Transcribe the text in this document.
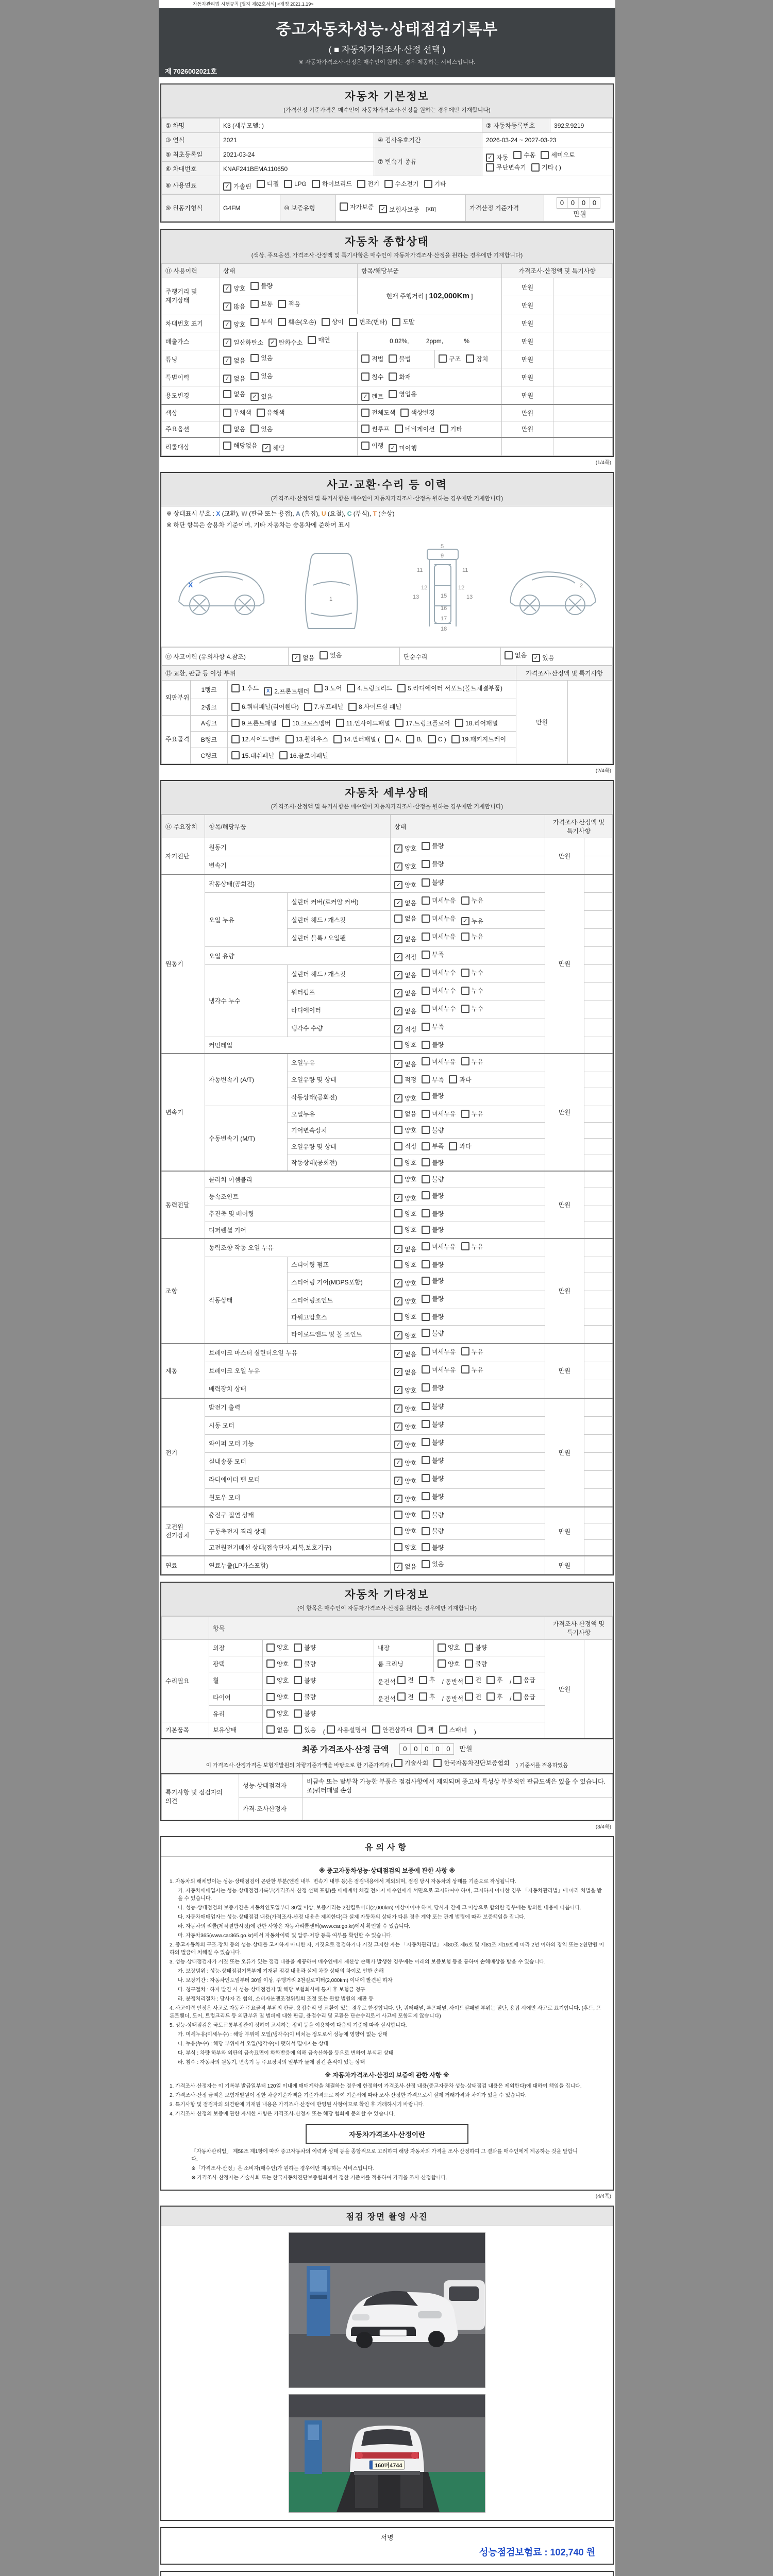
자동차관리법 시행규칙 [별지 제82호서식] <개정 2021.1.19>
중고자동차성능·상태점검기록부
( ■ 자동차가격조사·산정 선택 )
※ 자동차가격조사·산정은 매수인이 원하는 경우 제공하는 서비스입니다.
제 7026002021호
자동차 기본정보
(가격산정 기준가격은 매수인이 자동차가격조사·산정을 원하는 경우에만 기재합니다)
① 차명	K3 (세부모델: )		② 자동차등록번호	392오9219
③ 연식	2021	④ 검사유효기간	2026-03-24 ~ 2027-03-23	
⑤ 최초등록일	2021-03-24	⑦ 변속기 종류	
✓ 자동	수동	세미오토
무단변속기	기타 ( )

⑥ 차대번호	KNAF241BEMA110650			
⑧ 사용연료	✓ 가솔린	디젤	LPG	하이브리드	전기	수소전기	기타
⑨ 원동기형식	G4FM	⑩ 보증유형	자가보증	✓ 보험사보증 [KB]	가격산정 기준가격	
0	0	0	0
만원
자동차 종합상태
(색상, 주요옵션, 가격조사·산정액 및 특기사항은 매수인이 자동차가격조사·산정을 원하는 경우에만 기재합니다)
⑪ 사용이력	상태	항목/해당부품		가격조사·산정액 및 특기사항	
주행거리 및 계기상태	✓ 양호 불량	현재 주행거리 [ 102,000Km ]		만원	

	✓ 많음 보통 적음			만원	
차대번호 표기	✓ 양호	부식	훼손(오손)	상이	변조(변타)	도말	만원	
배출가스	✓ 일산화탄소 ✓ 탄화수소 매연	0.02%,          2ppm,            %		만원	
튜닝	✓ 없음 있음	적법 불법	구조 장치	만원	
특별이력	✓ 없음 있음	침수 화재		만원	
용도변경	없음 ✓ 있음	✓ 렌트 영업용		만원	
색상	무채색 유채색	전체도색 색상변경		만원	
주요옵션	없음 있음	썬루프 네비게이션 기타		만원	
리콜대상	해당없음 ✓ 해당	이행 ✓ 미이행			

(1/4쪽)
사고·교환·수리 등 이력
(가격조사·산정액 및 특기사항은 매수인이 자동차가격조사·산정을 원하는 경우에만 기재합니다)
※ 상태표시 부호 : X (교환), W (판금 또는 용접), A (흠집), U (요철), C (부식), T (손상)
※ 하단 항목은 승용차 기준이며, 기타 자동차는 승용차에 준하여 표시
X
1
5
9
11	11
12	12
13	13
15
16
17
18
2
⑫ 사고이력 (유의사항 4.참조)	✓ 없음	있음	단순수리	없음	✓ 있음
⑬ 교환, 판금 등 이상 부위			가격조사·산정액 및 특기사항	
외판부위	1랭크	1.후드	X 2.프론트휀더	3.도어	4.트렁크리드	5.라디에이터 서포트(볼트체결부품)
	만원	
	2랭크	6.쿼터패널(리어휀다) 7.루프패널 8.사이드실 패널		

주요골격	A랭크	9.프론트패널 10.크로스멤버 11.인사이드패널 17.트렁크플로어 18.리어패널		

B랭크	12.사이드멤버	13.휠하우스	14.필러패널 (	A,	B,	C )	19.패키지트레이

	C랭크	15.대쉬패널 16.플로어패널		
(2/4쪽)
자동차 세부상태
(가격조사·산정액 및 특기사항은 매수인이 자동차가격조사·산정을 원하는 경우에만 기재합니다)
⑭ 주요장치	항목/해당부품		상태	가격조사·산정액 및 특기사항	
자기진단	원동기		✓ 양호 불량	만원	
	변속기		✓ 양호 불량		

원동기	작동상태(공회전)		✓ 양호 불량	만원	
	오일 누유	실린더 커버(로커암 커버)	✓ 없음 미세누유 누유		

		실린더 헤드 / 개스킷	없음 미세누유 ✓ 누유		

		실린더 블록 / 오일팬	✓ 없음 미세누유 누유		

	오일 유량		✓ 적정 부족		

	냉각수 누수	실린더 헤드 / 개스킷	✓ 없음 미세누수 누수		

		워터펌프	✓ 없음 미세누수 누수		

		라디에이터	✓ 없음 미세누수 누수		

		냉각수 수량	✓ 적정 부족		

	커먼레일		양호 불량		

변속기	자동변속기 (A/T)	오일누유	✓ 없음 미세누유 누유	만원	
		오일유량 및 상태	적정 부족 과다		

		작동상태(공회전)	✓ 양호 불량		

	수동변속기 (M/T)	오일누유	없음 미세누유 누유		

		기어변속장치	양호 불량		

		오일유량 및 상태	적정 부족 과다		

		작동상태(공회전)	양호 불량		

동력전달	클러치 어셈블리		양호 불량	만원	
	등속조인트		✓ 양호 불량		

	추진축 및 베어링		양호 불량		

	디퍼렌셜 기어		양호 불량		

조향	동력조향 작동 오일 누유		✓ 없음 미세누유 누유	만원	
	작동상태	스티어링 펌프	양호 불량		

		스티어링 기어(MDPS포함)	✓ 양호 불량		

		스티어링조인트	✓ 양호 불량		

		파워고압호스	양호 불량		

		타이로드엔드 및 볼 조인트	✓ 양호 불량		

제동	브레이크 마스터 실린더오일 누유		✓ 없음 미세누유 누유	만원	
	브레이크 오일 누유		✓ 없음 미세누유 누유		

	배력장치 상태		✓ 양호 불량		

전기	발전기 출력		✓ 양호 불량	만원	
	시동 모터		✓ 양호 불량		

	와이퍼 모터 기능		✓ 양호 불량		

	실내송풍 모터		✓ 양호 불량		

	라디에이터 팬 모터		✓ 양호 불량		

	윈도우 모터		✓ 양호 불량		

고전원 전기장치	충전구 절연 상태		양호 불량	만원	
	구동축전지 격리 상태		양호 불량		

	고전원전기배선 상태(접속단자,피복,보호기구)		양호 불량		

연료	연료누출(LP가스포함)		✓ 없음 있음	만원	
자동차 기타정보
(이 항목은 매수인이 자동차가격조사·산정을 원하는 경우에만 기재합니다)
	항목				가격조사·산정액 및 특기사항	
수리필요	외장	양호 불량	내장	양호 불량	만원	
	광택	양호 불량	룸 크리닝	양호 불량		

휠	양호	불량	운전석 전	후 / 동반석 전	후 / 응급

타이어	양호	불량	운전석 전	후 / 동반석 전	후 / 응급

	유리	양호 불량				

기본품목	보유상태	없음	있음 ( 사용설명서	안전삼각대	잭	스패너 )
최종 가격조사·산정 금액	0	0	0	0	0	만원
이 가격조사·산정가격은 보험개발원의 차량기준가액을 바탕으로 한 기준가격과 ( 기술사회	한국자동차진단보증협회 ) 기준서를 적용하였음
특기사항 및 점검자의 의견	성능·상태점검자	비금속 또는 탈부착 가능한 부품은 점검사항에서 제외되며 중고차 특성상 부분적인 판금도색은 있을 수 있습니다. 조)쿼터패널 손상
	가격·조사산정자	
(3/4쪽)
유의사항
※ 중고자동차성능·상태점검의 보증에 관한 사항 ※
1. 자동차의 해체없이는 성능·상태점검이 곤란한 부분(엔진 내부, 변속기 내부 등)은 점검내용에서 제외되며, 점검 당시 자동차의 상태를 기준으로 작성됩니다.
가. 자동차매매업자는 성능·상태점검기록부(가격조사·산정 선택 포함)를 매매계약 체결 전까지 매수인에게 서면으로 고지하여야 하며, 고지하지 아니한 경우 「자동차관리법」에 따라 처벌을 받을 수 있습니다.
나. 성능·상태점검의 보증기간은 자동차인도일부터 30일 이상, 보증거리는 2천킬로미터(2,000km) 이상이어야 하며, 당사자 간에 그 이상으로 합의한 경우에는 합의한 내용에 따릅니다.
다. 자동차매매업자는 성능·상태점검 내용(가격조사·산정 내용은 제외한다)과 실제 자동차의 상태가 다른 경우 계약 또는 관계 법령에 따라 보증책임을 집니다.
라. 자동차의 리콜(제작결함시정)에 관한 사항은 자동차리콜센터(www.car.go.kr)에서 확인할 수 있습니다.
마. 자동차365(www.car365.go.kr)에서 자동차이력 및 압류·저당 등록 여부를 확인할 수 있습니다.
2. 중고자동차의 구조·장치 등의 성능·상태를 고지하지 아니한 자, 거짓으로 점검하거나 거짓 고지한 자는 「자동차관리법」 제80조 제6호 및 제81조 제19호에 따라 2년 이하의 징역 또는 2천만원 이하의 벌금에 처해질 수 있습니다.
3. 성능·상태점검자가 거짓 또는 오류가 있는 점검 내용을 제공하여 매수인에게 재산상 손해가 발생한 경우에는 아래의 보증보험 등을 통하여 손해배상을 받을 수 있습니다.
가. 보장범위 : 성능·상태점검기록부에 기재된 점검 내용과 실제 차량 상태의 차이로 인한 손해
나. 보장기간 : 자동차인도일부터 30일 이상, 주행거리 2천킬로미터(2,000km) 이내에 발견된 하자
다. 청구절차 : 하자 발견 시 성능·상태점검자 및 해당 보험회사에 통지 후 보험금 청구
라. 분쟁처리절차 : 당사자 간 협의, 소비자분쟁조정위원회 조정 또는 관할 법원의 재판 등
4. 사고이력 인정은 사고로 자동차 주요골격 부위의 판금, 용접수리 및 교환이 있는 경우로 한정합니다. 단, 쿼터패널, 루프패널, 사이드실패널 부위는 절단, 용접 시에만 사고로 표기합니다. (후드, 프론트휀더, 도어, 트렁크리드 등 외판부위 및 범퍼에 대한 판금, 용접수리 및 교환은 단순수리로서 사고에 포함되지 않습니다)
5. 성능·상태점검은 국토교통부장관이 정하여 고시하는 장비 등을 이용하여 다음의 기준에 따라 실시합니다.
가. 미세누유(미세누수) : 해당 부위에 오일(냉각수)이 비치는 정도로서 성능에 영향이 없는 상태
나. 누유(누수) : 해당 부위에서 오일(냉각수)이 맺혀서 떨어지는 상태
다. 부식 : 차량 하부와 외판의 금속표면이 화학반응에 의해 금속산화물 등으로 변하여 부식된 상태
라. 침수 : 자동차의 원동기, 변속기 등 주요장치의 일부가 물에 잠긴 흔적이 있는 상태
※ 자동차가격조사·산정의 보증에 관한 사항 ※
1. 가격조사·산정자는 이 기록부 발급일부터 120일 이내에 매매계약을 체결하는 경우에 한정하여 가격조사·산정 내용(중고자동차 성능·상태점검 내용은 제외한다)에 대하여 책임을 집니다.
2. 가격조사·산정 금액은 보험개발원이 정한 차량기준가액을 기준가격으로 하여 기준서에 따라 조사·산정한 가격으로서 실제 거래가격과 차이가 있을 수 있습니다.
3. 특기사항 및 점검자의 의견란에 기재된 내용은 가격조사·산정에 반영된 사항이므로 확인 후 거래하시기 바랍니다.
4. 가격조사·산정의 보증에 관한 자세한 사항은 가격조사·산정자 또는 해당 협회에 문의할 수 있습니다.
자동차가격조사·산정이란
「자동차관리법」 제58조 제1항에 따라 중고자동차의 이력과 상태 등을 종합적으로 고려하여 해당 자동차의 가격을 조사·산정하여 그 결과를 매수인에게 제공하는 것을 말합니다.
※「가격조사·산정」은 소비자(매수인)가 원하는 경우에만 제공하는 서비스입니다.
※ 가격조사·산정자는 기술사회 또는 한국자동차진단보증협회에서 정한 기준서를 적용하여 가격을 조사·산정합니다.
(4/4쪽)
점검 장면 촬영 사진
160머4744
서명
성능점검보험료 : 102,740 원
